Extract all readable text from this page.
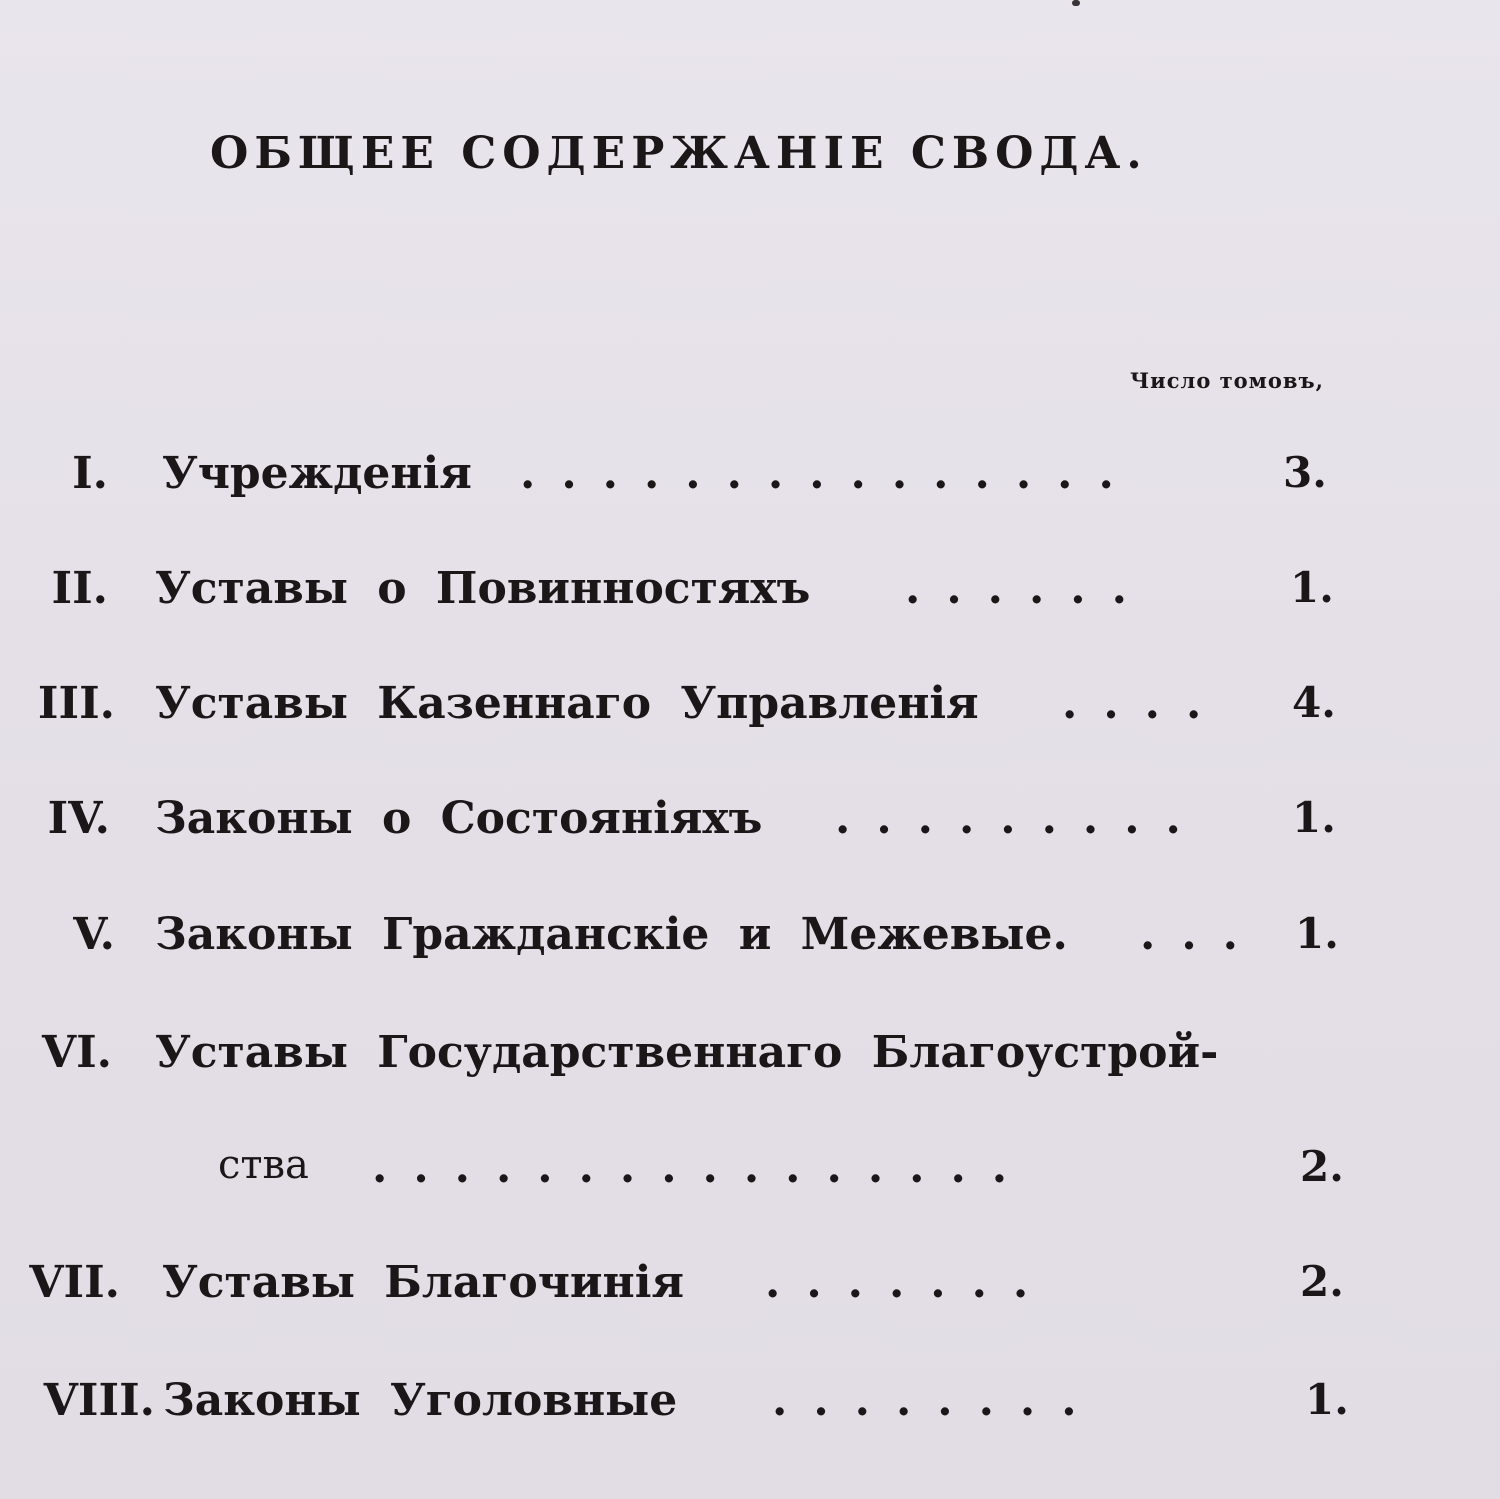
ОБЩЕЕ СОДЕРЖАНІЕ СВОДА.
Число томовъ,
I. Учрежденія ...............	3.
II. Уставы о Повинностяхъ ......	1.
III. Уставы Казеннаго Управленія .... 4.
IV. Законы о Состояніяхъ ......... 1.
V. Законы Гражданскіе и Межевые. ... 1.
VI. Уставы Государственнаго Благоустрой-
ства ................	2.
VII. Уставы Благочинія .......	2.
VIII. Законы Уголовные ........	1.
